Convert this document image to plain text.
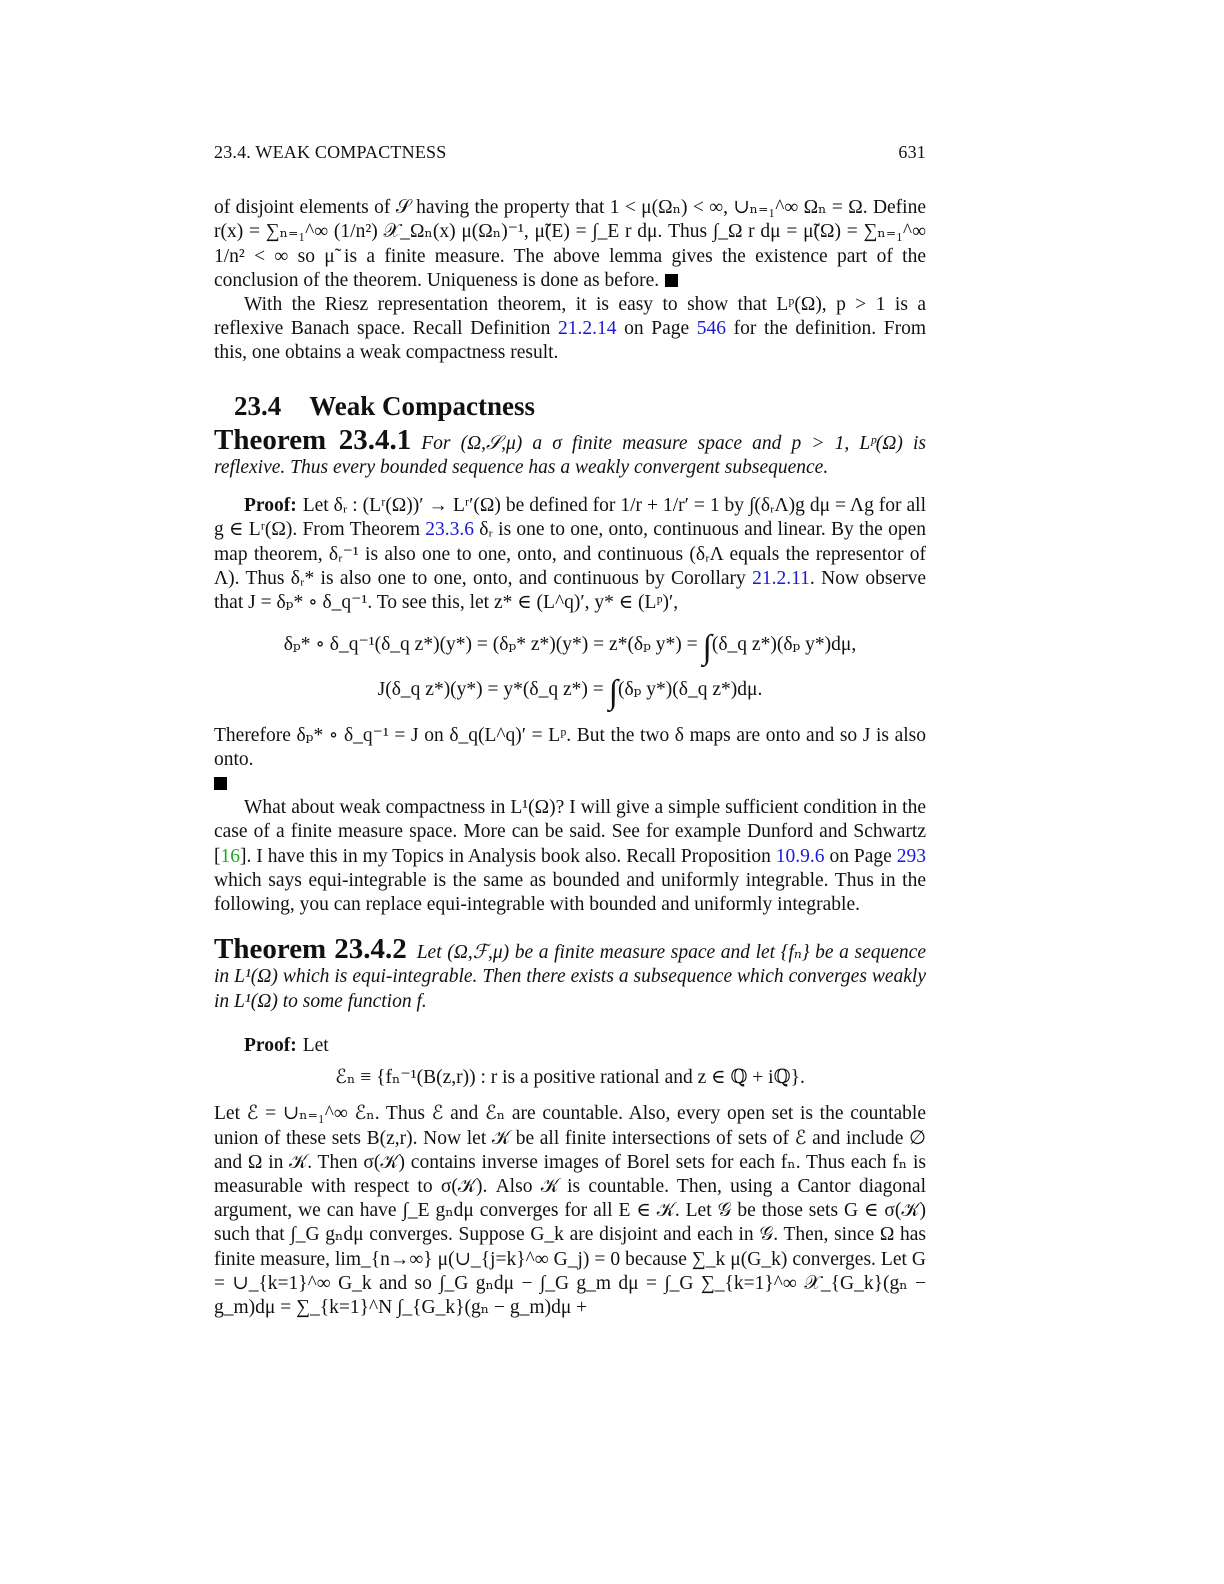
23.4. WEAK COMPACTNESS	631

of disjoint elements of 𝒮 having the property that 1 < μ(Ωₙ) < ∞, ∪ₙ₌₁^∞ Ωₙ = Ω. Define r(x) = ∑ₙ₌₁^∞ (1/n²) 𝒳_Ωₙ(x) μ(Ωₙ)⁻¹, μ̃(E) = ∫_E r dμ. Thus ∫_Ω r dμ = μ̃(Ω) = ∑ₙ₌₁^∞ 1/n² < ∞ so μ̃ is a finite measure. The above lemma gives the existence part of the conclusion of the theorem. Uniqueness is done as before.

With the Riesz representation theorem, it is easy to show that Lᵖ(Ω), p > 1 is a reflexive Banach space. Recall Definition 21.2.14 on Page 546 for the definition. From this, one obtains a weak compactness result.

23.4 Weak Compactness

Theorem 23.4.1 For (Ω,𝒮,μ) a σ finite measure space and p > 1, Lᵖ(Ω) is reflexive. Thus every bounded sequence has a weakly convergent subsequence.

Proof: Let δᵣ : (Lʳ(Ω))′ → Lʳ′(Ω) be defined for 1/r + 1/r′ = 1 by ∫(δᵣΛ)g dμ = Λg for all g ∈ Lʳ(Ω). From Theorem 23.3.6 δᵣ is one to one, onto, continuous and linear. By the open map theorem, δᵣ⁻¹ is also one to one, onto, and continuous (δᵣΛ equals the representor of Λ). Thus δᵣ* is also one to one, onto, and continuous by Corollary 21.2.11. Now observe that J = δₚ* ∘ δ_q⁻¹. To see this, let z* ∈ (L^q)′, y* ∈ (Lᵖ)′,

δₚ* ∘ δ_q⁻¹(δ_q z*)(y*) = (δₚ* z*)(y*) = z*(δₚ y*) = ∫(δ_q z*)(δₚ y*)dμ,
J(δ_q z*)(y*) = y*(δ_q z*) = ∫(δₚ y*)(δ_q z*)dμ.

Therefore δₚ* ∘ δ_q⁻¹ = J on δ_q(L^q)′ = Lᵖ. But the two δ maps are onto and so J is also onto.

What about weak compactness in L¹(Ω)? I will give a simple sufficient condition in the case of a finite measure space. More can be said. See for example Dunford and Schwartz [16]. I have this in my Topics in Analysis book also. Recall Proposition 10.9.6 on Page 293 which says equi-integrable is the same as bounded and uniformly integrable. Thus in the following, you can replace equi-integrable with bounded and uniformly integrable.

Theorem 23.4.2 Let (Ω,ℱ,μ) be a finite measure space and let {fₙ} be a sequence in L¹(Ω) which is equi-integrable. Then there exists a subsequence which converges weakly in L¹(Ω) to some function f.

Proof: Let

ℰₙ ≡ {fₙ⁻¹(B(z,r)) : r is a positive rational and z ∈ ℚ + iℚ}.

Let ℰ = ∪ₙ₌₁^∞ ℰₙ. Thus ℰ and ℰₙ are countable. Also, every open set is the countable union of these sets B(z,r). Now let 𝒦 be all finite intersections of sets of ℰ and include ∅ and Ω in 𝒦. Then σ(𝒦) contains inverse images of Borel sets for each fₙ. Thus each fₙ is measurable with respect to σ(𝒦). Also 𝒦 is countable. Then, using a Cantor diagonal argument, we can have ∫_E gₙdμ converges for all E ∈ 𝒦. Let 𝒢 be those sets G ∈ σ(𝒦) such that ∫_G gₙdμ converges. Suppose G_k are disjoint and each in 𝒢. Then, since Ω has finite measure, lim_{n→∞} μ(∪_{j=k}^∞ G_j) = 0 because ∑_k μ(G_k) converges. Let G = ∪_{k=1}^∞ G_k and so ∫_G gₙdμ − ∫_G g_m dμ = ∫_G ∑_{k=1}^∞ 𝒳_{G_k}(gₙ − g_m)dμ = ∑_{k=1}^N ∫_{G_k}(gₙ − g_m)dμ +
